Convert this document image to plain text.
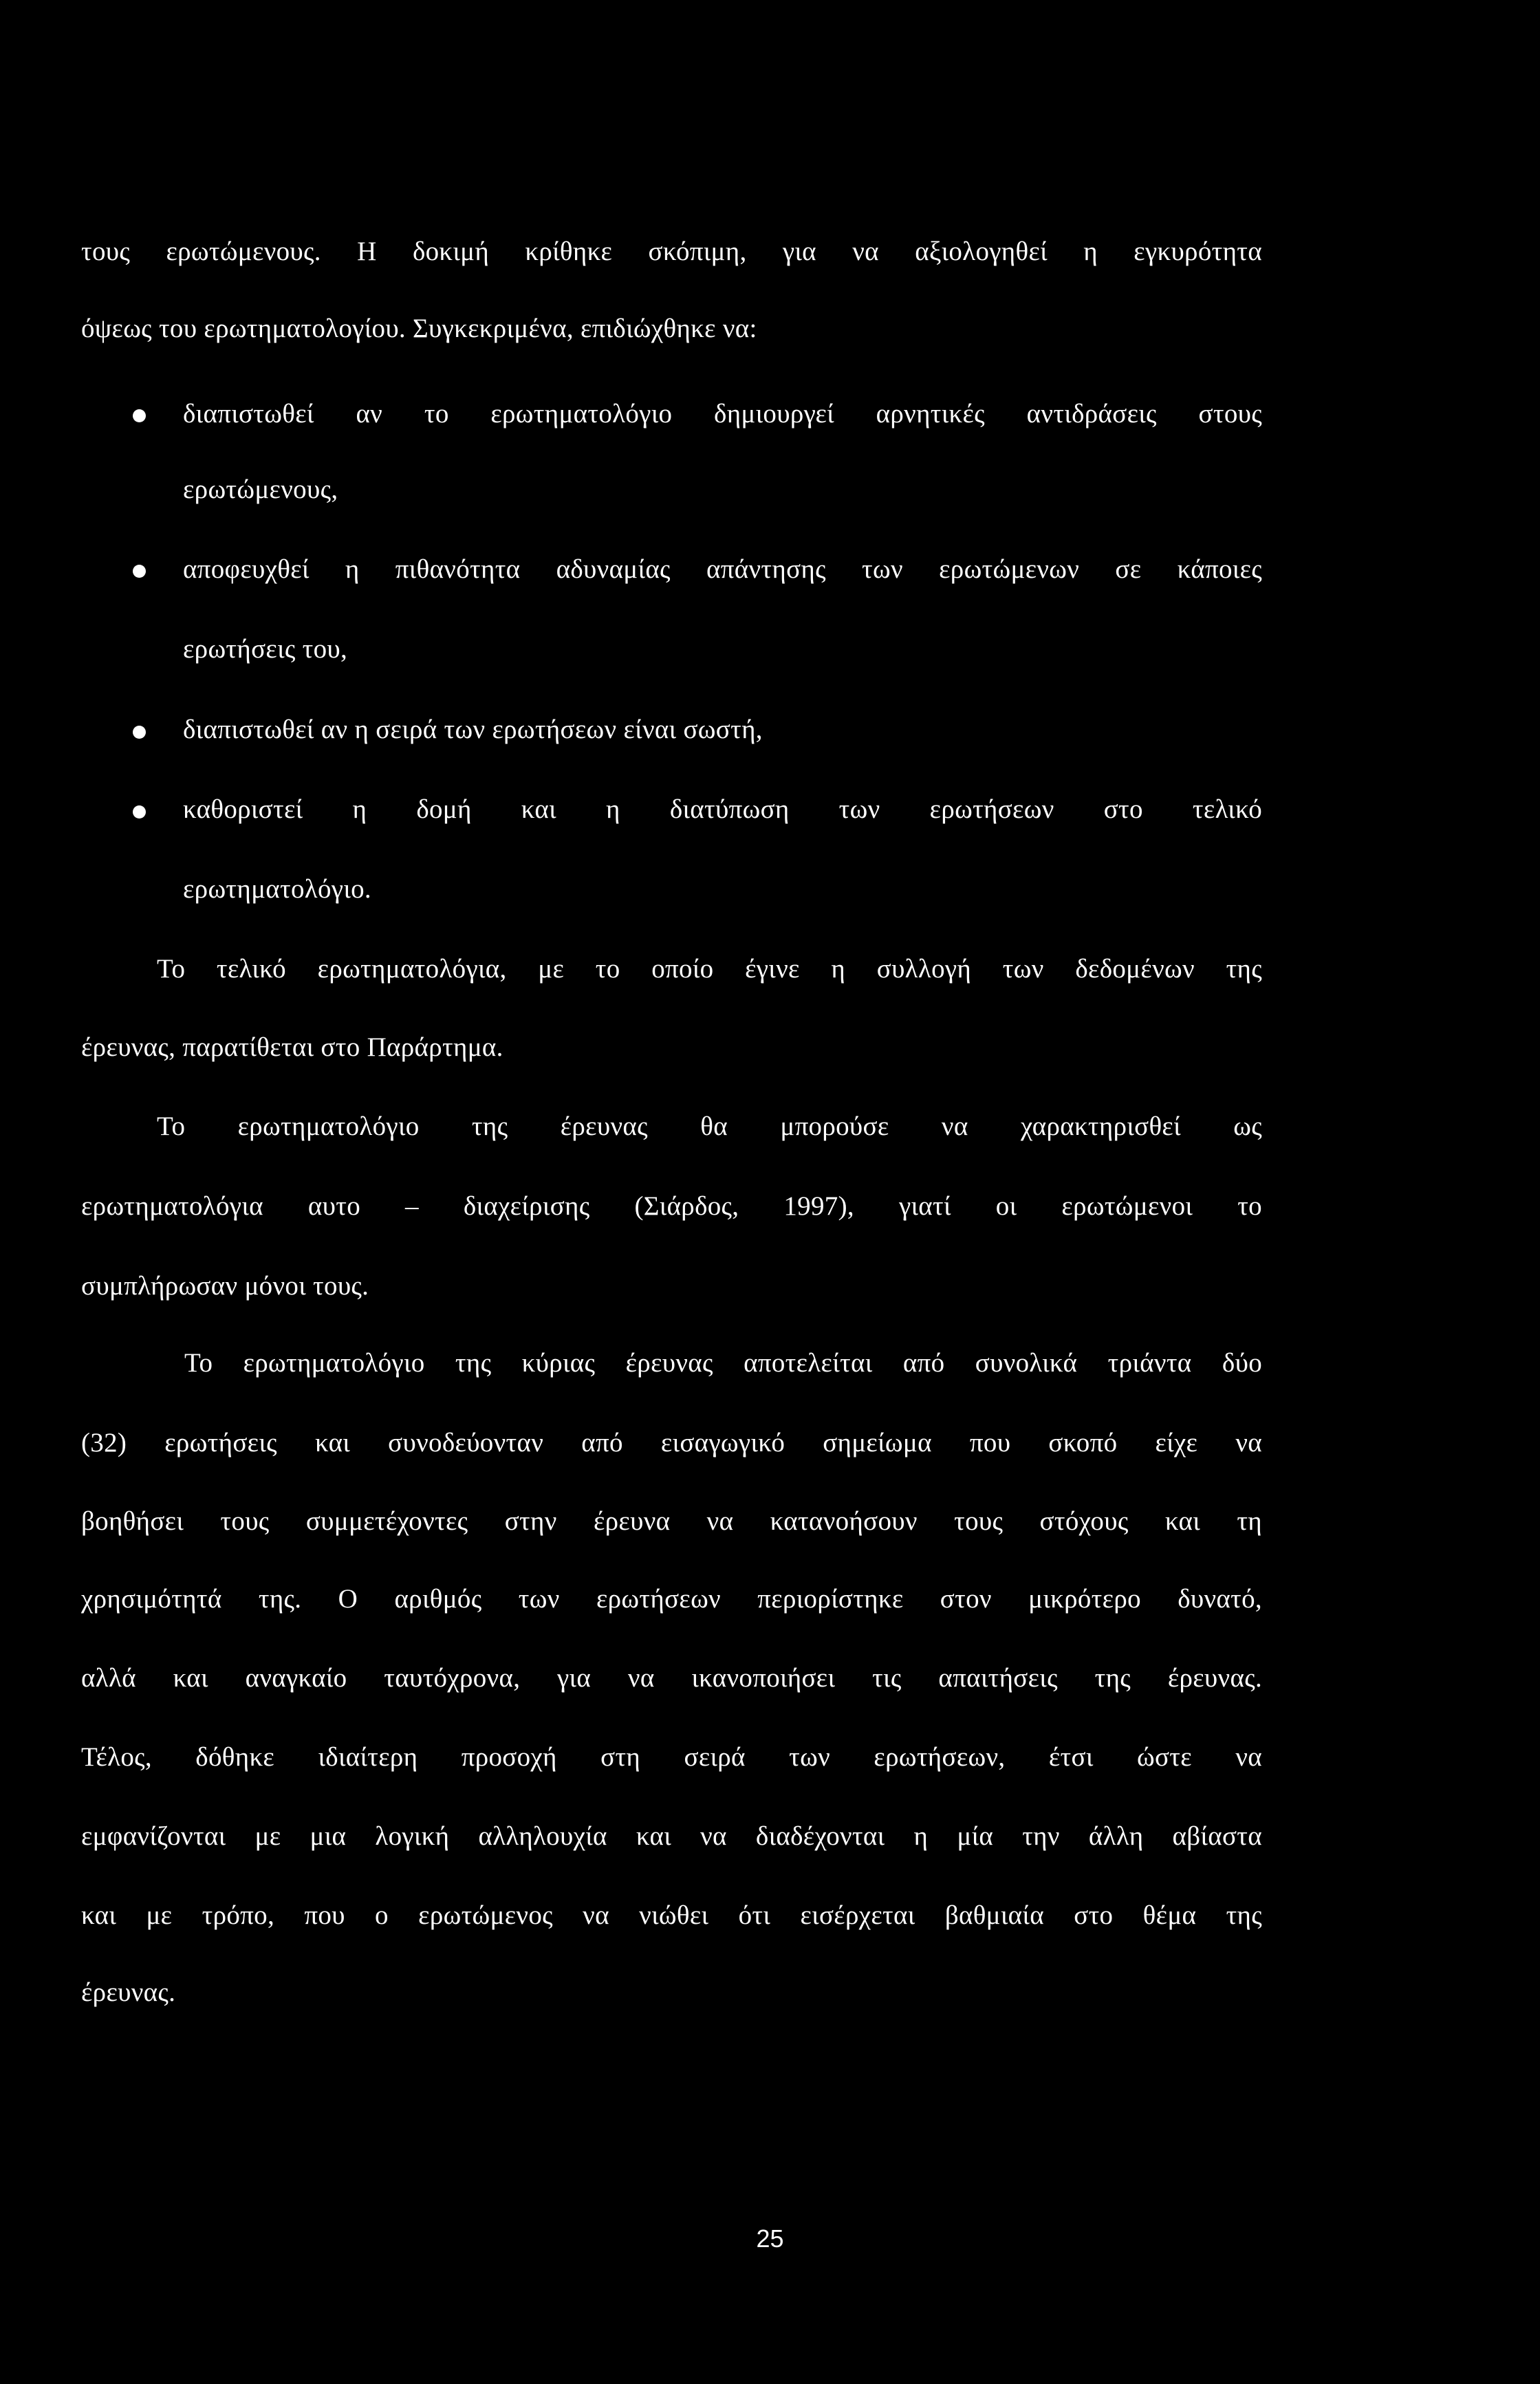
τους ερωτώμενους. Η δοκιμή κρίθηκε σκόπιμη, για να αξιολογηθεί η εγκυρότητα
όψεως του ερωτηματολογίου. Συγκεκριμένα, επιδιώχθηκε να:
διαπιστωθεί αν το ερωτηματολόγιο δημιουργεί αρνητικές αντιδράσεις στους
ερωτώμενους,
αποφευχθεί η πιθανότητα αδυναμίας απάντησης των ερωτώμενων σε κάποιες
ερωτήσεις του,
διαπιστωθεί αν η σειρά των ερωτήσεων είναι σωστή,
καθοριστεί η δομή και η διατύπωση των ερωτήσεων στο τελικό
ερωτηματολόγιο.
Το τελικό ερωτηματολόγια, με το οποίο έγινε η συλλογή των δεδομένων της
έρευνας, παρατίθεται στο Παράρτημα.
Το ερωτηματολόγιο της έρευνας θα μπορούσε να χαρακτηρισθεί ως
ερωτηματολόγια αυτο – διαχείρισης (Σιάρδος, 1997), γιατί οι ερωτώμενοι το
συμπλήρωσαν μόνοι τους.
Το ερωτηματολόγιο της κύριας έρευνας αποτελείται από συνολικά τριάντα δύο
(32) ερωτήσεις και συνοδεύονταν από εισαγωγικό σημείωμα που σκοπό είχε να
βοηθήσει τους συμμετέχοντες στην έρευνα να κατανοήσουν τους στόχους και τη
χρησιμότητά της. Ο αριθμός των ερωτήσεων περιορίστηκε στον μικρότερο δυνατό,
αλλά και αναγκαίο ταυτόχρονα, για να ικανοποιήσει τις απαιτήσεις της έρευνας.
Τέλος, δόθηκε ιδιαίτερη προσοχή στη σειρά των ερωτήσεων, έτσι ώστε να
εμφανίζονται με μια λογική αλληλουχία και να διαδέχονται η μία την άλλη αβίαστα
και με τρόπο, που ο ερωτώμενος να νιώθει ότι εισέρχεται βαθμιαία στο θέμα της
έρευνας.
25
